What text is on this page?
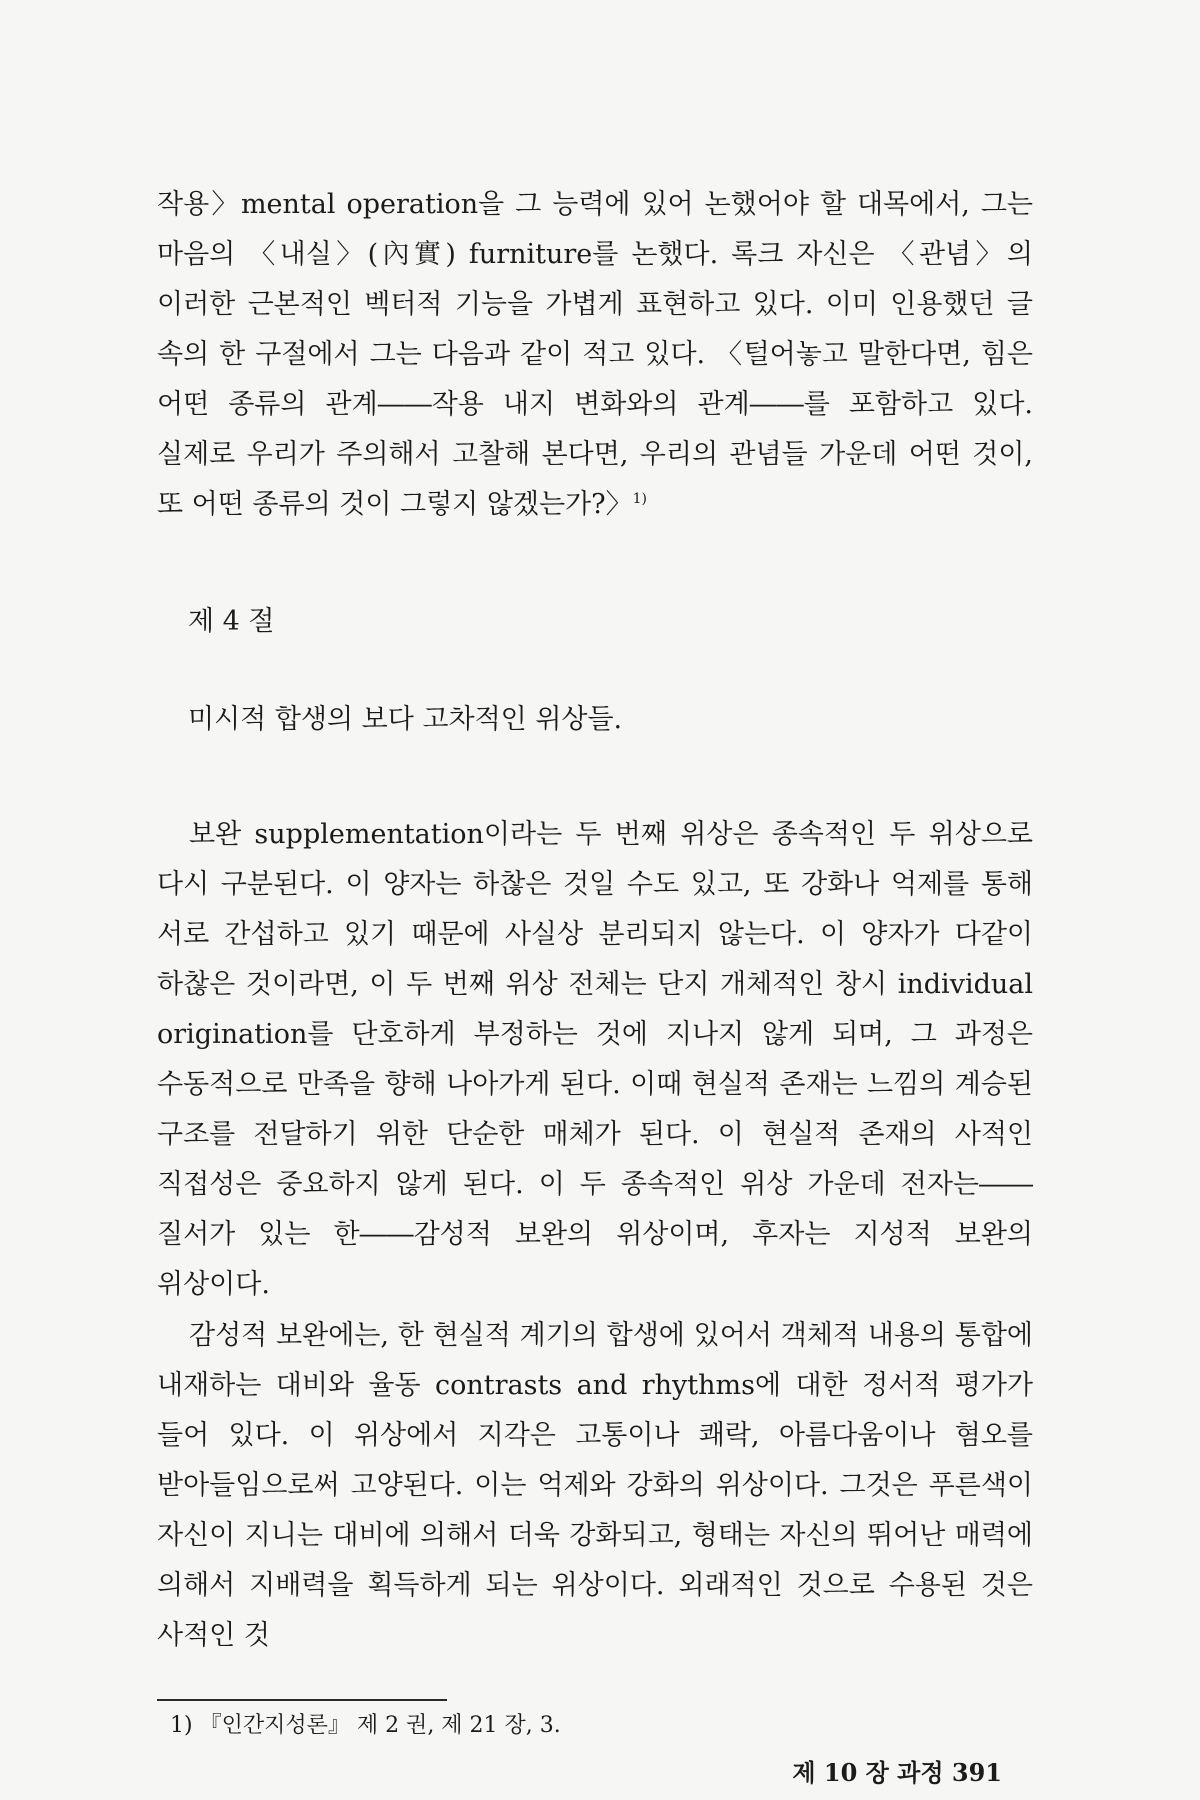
작용〉mental operation을 그 능력에 있어 논했어야 할 대목에서, 그는 마음의 〈내실〉(內實) furniture를 논했다. 록크 자신은 〈관념〉의 이러한 근본적인 벡터적 기능을 가볍게 표현하고 있다. 이미 인용했던 글 속의 한 구절에서 그는 다음과 같이 적고 있다. 〈털어놓고 말한다면, 힘은 어떤 종류의 관계――작용 내지 변화와의 관계――를 포함하고 있다. 실제로 우리가 주의해서 고찰해 본다면, 우리의 관념들 가운데 어떤 것이, 또 어떤 종류의 것이 그렇지 않겠는가?〉$^{1)}$
제 4 절
미시적 합생의 보다 고차적인 위상들.
보완 supplementation이라는 두 번째 위상은 종속적인 두 위상으로 다시 구분된다. 이 양자는 하찮은 것일 수도 있고, 또 강화나 억제를 통해 서로 간섭하고 있기 때문에 사실상 분리되지 않는다. 이 양자가 다같이 하찮은 것이라면, 이 두 번째 위상 전체는 단지 개체적인 창시 individual origination를 단호하게 부정하는 것에 지나지 않게 되며, 그 과정은 수동적으로 만족을 향해 나아가게 된다. 이때 현실적 존재는 느낌의 계승된 구조를 전달하기 위한 단순한 매체가 된다. 이 현실적 존재의 사적인 직접성은 중요하지 않게 된다. 이 두 종속적인 위상 가운데 전자는――질서가 있는 한――감성적 보완의 위상이며, 후자는 지성적 보완의 위상이다.
감성적 보완에는, 한 현실적 계기의 합생에 있어서 객체적 내용의 통합에 내재하는 대비와 율동 contrasts and rhythms에 대한 정서적 평가가 들어 있다. 이 위상에서 지각은 고통이나 쾌락, 아름다움이나 혐오를 받아들임으로써 고양된다. 이는 억제와 강화의 위상이다. 그것은 푸른색이 자신이 지니는 대비에 의해서 더욱 강화되고, 형태는 자신의 뛰어난 매력에 의해서 지배력을 획득하게 되는 위상이다. 외래적인 것으로 수용된 것은 사적인 것
1) 『인간지성론』 제 2 권, 제 21 장, 3.
제 10 장 과정 391
